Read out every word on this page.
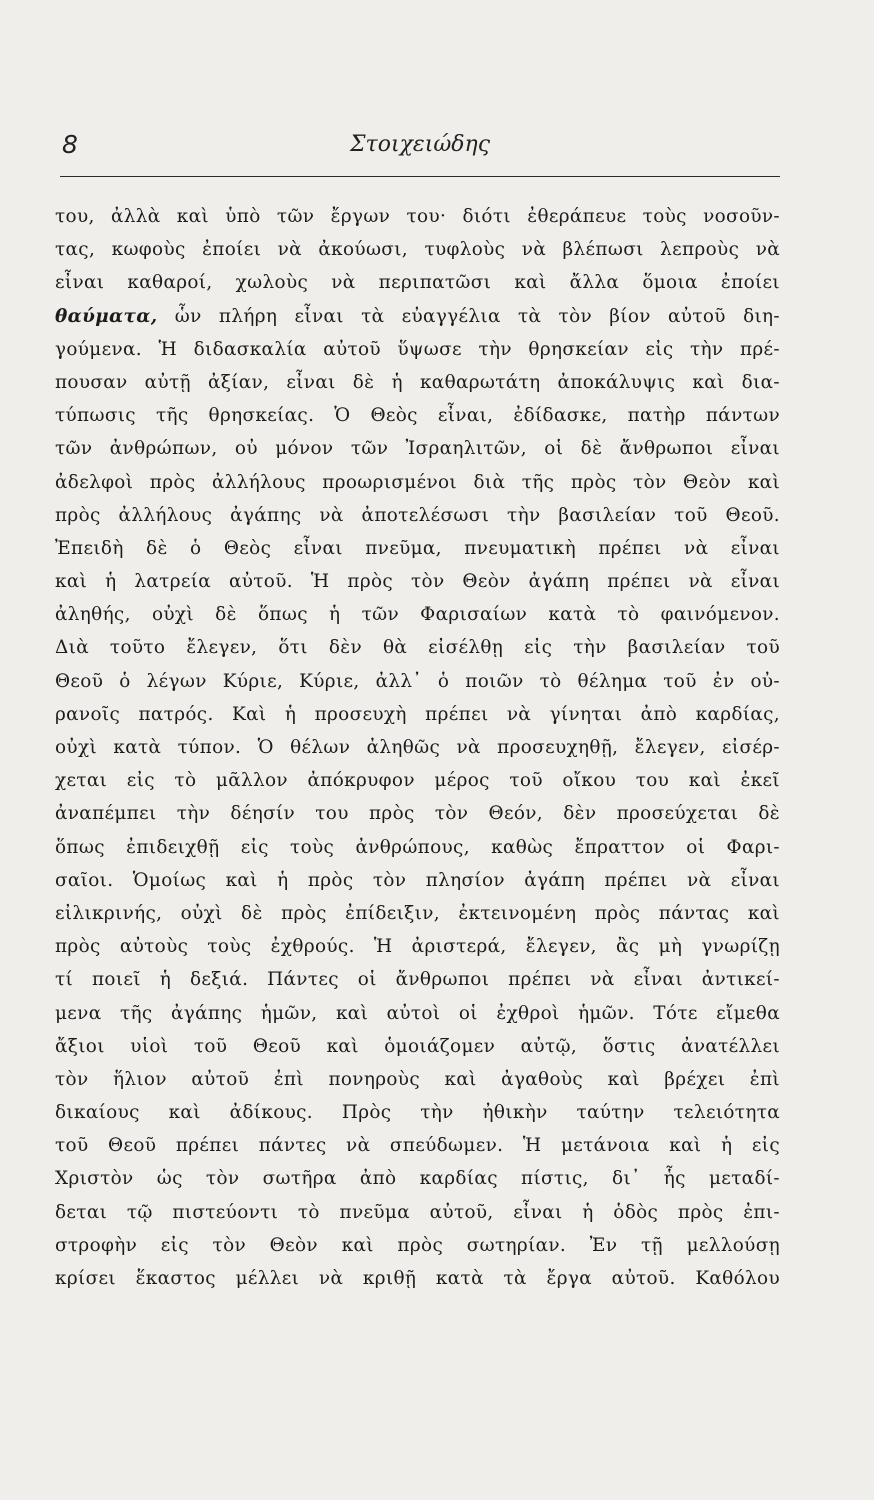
8	Στοιχειώδης
του, ἀλλὰ καὶ ὑπὸ τῶν ἔργων του· διότι ἐθεράπευε τοὺς νοσοῦν-
τας, κωφοὺς ἐποίει νὰ ἀκούωσι, τυφλοὺς νὰ βλέπωσι λεπροὺς νὰ
εἶναι καθαροί, χωλοὺς νὰ περιπατῶσι καὶ ἄλλα ὅμοια ἐποίει
θαύματα, ὧν πλήρη εἶναι τὰ εὐαγγέλια τὰ τὸν βίον αὐτοῦ διη-
γούμενα. Ἡ διδασκαλία αὐτοῦ ὕψωσε τὴν θρησκείαν εἰς τὴν πρέ-
πουσαν αὐτῇ ἀξίαν, εἶναι δὲ ἡ καθαρωτάτη ἀποκάλυψις καὶ δια-
τύπωσις τῆς θρησκείας. Ὁ Θεὸς εἶναι, ἐδίδασκε, πατὴρ πάντων
τῶν ἀνθρώπων, οὐ μόνον τῶν Ἰσραηλιτῶν, οἱ δὲ ἄνθρωποι εἶναι
ἀδελφοὶ πρὸς ἀλλήλους προωρισμένοι διὰ τῆς πρὸς τὸν Θεὸν καὶ
πρὸς ἀλλήλους ἀγάπης νὰ ἀποτελέσωσι τὴν βασιλείαν τοῦ Θεοῦ.
Ἐπειδὴ δὲ ὁ Θεὸς εἶναι πνεῦμα, πνευματικὴ πρέπει νὰ εἶναι
καὶ ἡ λατρεία αὐτοῦ. Ἡ πρὸς τὸν Θεὸν ἀγάπη πρέπει νὰ εἶναι
ἀληθής, οὐχὶ δὲ ὅπως ἡ τῶν Φαρισαίων κατὰ τὸ φαινόμενον.
Διὰ τοῦτο ἔλεγεν, ὅτι δὲν θὰ εἰσέλθῃ εἰς τὴν βασιλείαν τοῦ
Θεοῦ ὁ λέγων Κύριε, Κύριε, ἀλλ᾽ ὁ ποιῶν τὸ θέλημα τοῦ ἐν οὐ-
ρανοῖς πατρός. Καὶ ἡ προσευχὴ πρέπει νὰ γίνηται ἀπὸ καρδίας,
οὐχὶ κατὰ τύπον. Ὁ θέλων ἀληθῶς νὰ προσευχηθῇ, ἔλεγεν, εἰσέρ-
χεται εἰς τὸ μᾶλλον ἀπόκρυφον μέρος τοῦ οἴκου του καὶ ἐκεῖ
ἀναπέμπει τὴν δέησίν του πρὸς τὸν Θεόν, δὲν προσεύχεται δὲ
ὅπως ἐπιδειχθῇ εἰς τοὺς ἀνθρώπους, καθὼς ἔπραττον οἱ Φαρι-
σαῖοι. Ὁμοίως καὶ ἡ πρὸς τὸν πλησίον ἀγάπη πρέπει νὰ εἶναι
εἰλικρινής, οὐχὶ δὲ πρὸς ἐπίδειξιν, ἐκτεινομένη πρὸς πάντας καὶ
πρὸς αὐτοὺς τοὺς ἐχθρούς. Ἡ ἀριστερά, ἔλεγεν, ἂς μὴ γνωρίζῃ
τί ποιεῖ ἡ δεξιά. Πάντες οἱ ἄνθρωποι πρέπει νὰ εἶναι ἀντικεί-
μενα τῆς ἀγάπης ἡμῶν, καὶ αὐτοὶ οἱ ἐχθροὶ ἡμῶν. Τότε εἴμεθα
ἄξιοι υἱοὶ τοῦ Θεοῦ καὶ ὁμοιάζομεν αὐτῷ, ὅστις ἀνατέλλει
τὸν ἥλιον αὐτοῦ ἐπὶ πονηροὺς καὶ ἀγαθοὺς καὶ βρέχει ἐπὶ
δικαίους καὶ ἀδίκους. Πρὸς τὴν ἠθικὴν ταύτην τελειότητα
τοῦ Θεοῦ πρέπει πάντες νὰ σπεύδωμεν. Ἡ μετάνοια καὶ ἡ εἰς
Χριστὸν ὡς τὸν σωτῆρα ἀπὸ καρδίας πίστις, δι᾽ ἧς μεταδί-
δεται τῷ πιστεύοντι τὸ πνεῦμα αὐτοῦ, εἶναι ἡ ὁδὸς πρὸς ἐπι-
στροφὴν εἰς τὸν Θεὸν καὶ πρὸς σωτηρίαν. Ἐν τῇ μελλούσῃ
κρίσει ἕκαστος μέλλει νὰ κριθῇ κατὰ τὰ ἔργα αὐτοῦ. Καθόλου
